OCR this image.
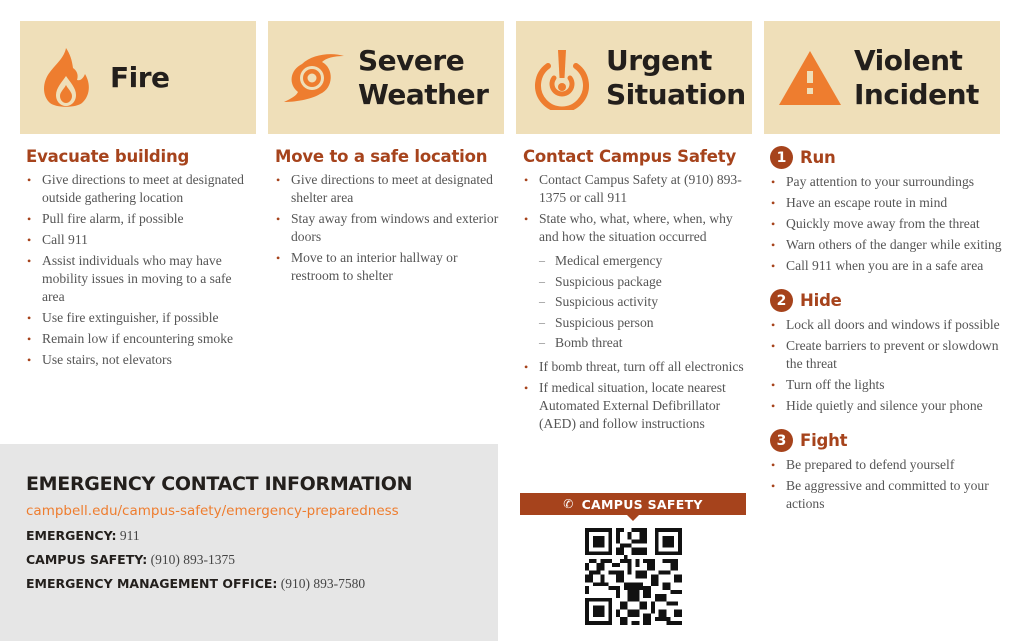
Fire
Severe
Weather
Urgent
Situation
Violent
Incident
Evacuate building
• Give directions to meet at designated outside gathering location
• Pull fire alarm, if possible
• Call 911
• Assist individuals who may have mobility issues in moving to a safe area
• Use fire extinguisher, if possible
• Remain low if encountering smoke
• Use stairs, not elevators
Move to a safe location
• Give directions to meet at designated shelter area
• Stay away from windows and exterior doors
• Move to an interior hallway or restroom to shelter
Contact Campus Safety
• Contact Campus Safety at (910) 893-1375 or call 911
• State who, what, where, when, why and how the situation occurred
– Medical emergency
– Suspicious package
– Suspicious activity
– Suspicious person
– Bomb threat
• If bomb threat, turn off all electronics
• If medical situation, locate nearest Automated External Defibrillator (AED) and follow instructions
1 Run
• Pay attention to your surroundings
• Have an escape route in mind
• Quickly move away from the threat
• Warn others of the danger while exiting
• Call 911 when you are in a safe area
2 Hide
• Lock all doors and windows if possible
• Create barriers to prevent or slowdown the threat
• Turn off the lights
• Hide quietly and silence your phone
3 Fight
• Be prepared to defend yourself
• Be aggressive and committed to your actions
EMERGENCY CONTACT INFORMATION
campbell.edu/campus-safety/emergency-preparedness
EMERGENCY: 911
CAMPUS SAFETY: (910) 893-1375
EMERGENCY MANAGEMENT OFFICE: (910) 893-7580
✆ CAMPUS SAFETY
